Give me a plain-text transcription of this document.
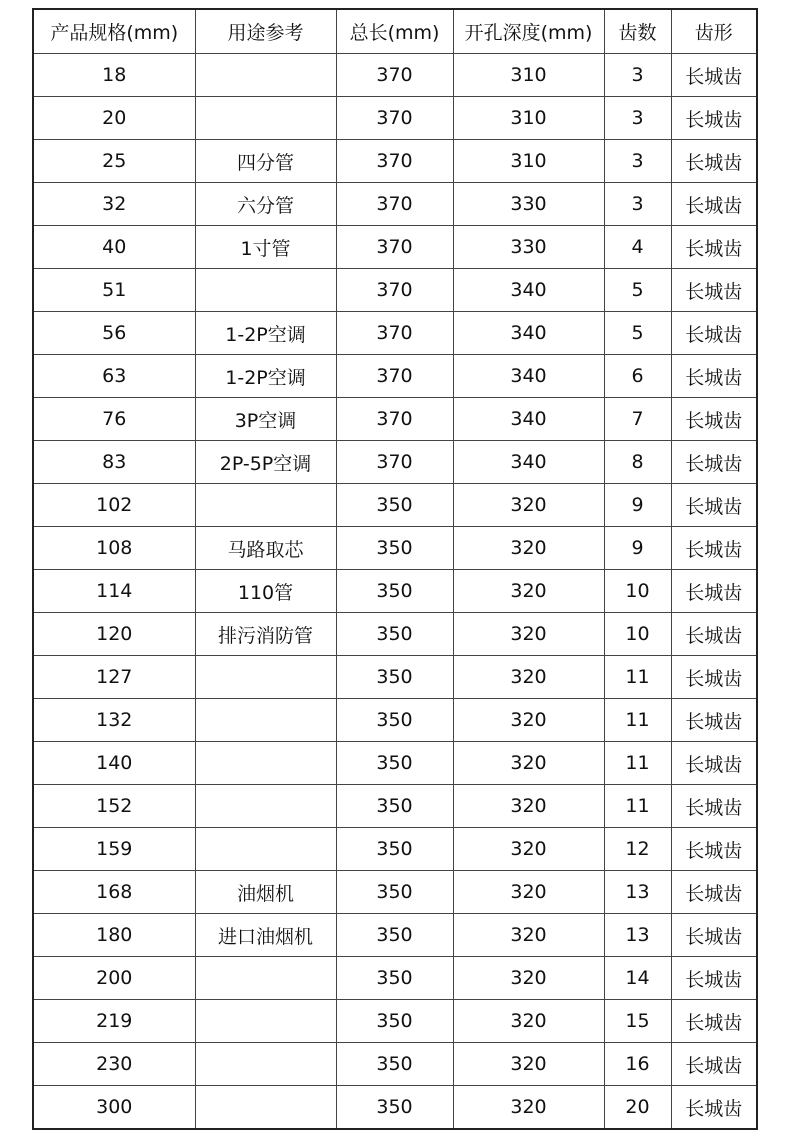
产品规格(mm)	用途参考	总长(mm)	开孔深度(mm)	齿数	齿形
18		370	310	3	长城齿
20		370	310	3	长城齿
25	四分管	370	310	3	长城齿
32	六分管	370	330	3	长城齿
40	1寸管	370	330	4	长城齿
51		370	340	5	长城齿
56	1-2P空调	370	340	5	长城齿
63	1-2P空调	370	340	6	长城齿
76	3P空调	370	340	7	长城齿
83	2P-5P空调	370	340	8	长城齿
102		350	320	9	长城齿
108	马路取芯	350	320	9	长城齿
114	110管	350	320	10	长城齿
120	排污消防管	350	320	10	长城齿
127		350	320	11	长城齿
132		350	320	11	长城齿
140		350	320	11	长城齿
152		350	320	11	长城齿
159		350	320	12	长城齿
168	油烟机	350	320	13	长城齿
180	进口油烟机	350	320	13	长城齿
200		350	320	14	长城齿
219		350	320	15	长城齿
230		350	320	16	长城齿
300		350	320	20	长城齿
